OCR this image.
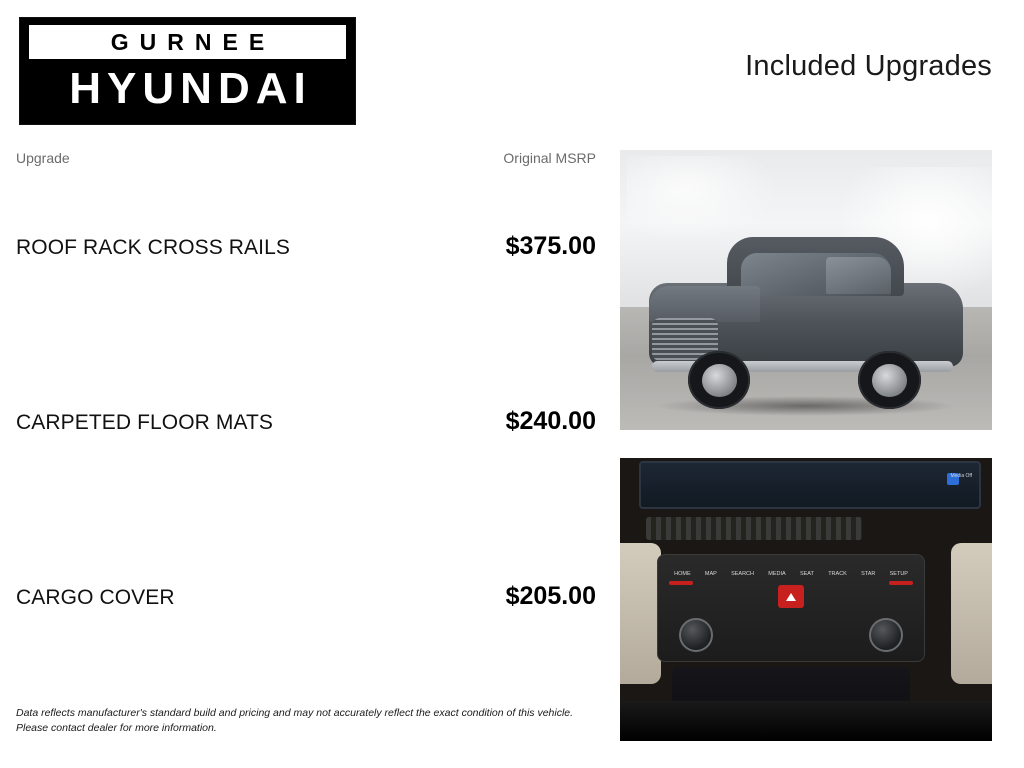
GURNEE
HYUNDAI	Included Upgrades
Upgrade	Original MSRP
ROOF RACK CROSS RAILS	$375.00
CARPETED FLOOR MATS	$240.00
CARGO COVER	$205.00
Data reflects manufacturer's standard build and pricing and may not accurately reflect the exact condition of this vehicle.
Please contact dealer for more information.
Media Off
HOME	MAP	SEARCH	MEDIA	SEAT	TRACK	STAR	SETUP
